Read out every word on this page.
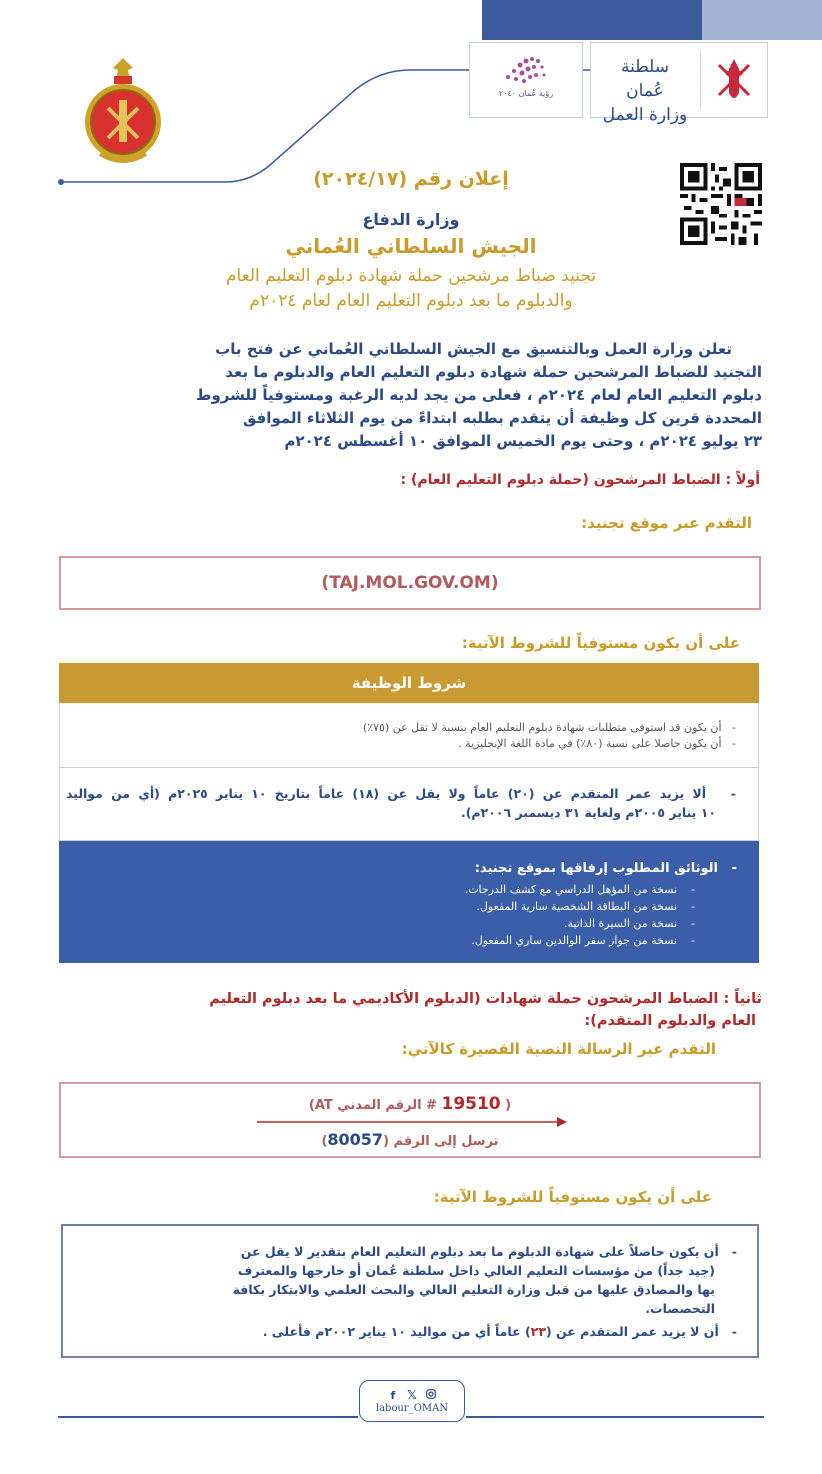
سلطنة عُمان
وزارة العمل
رؤية عُمان ٢٠٤٠
إعلان رقم (٢٠٢٤/١٧)
وزارة الدفاع
الجيش السلطاني العُماني
تجنيد ضباط مرشحين حملة شهادة دبلوم التعليم العام
والدبلوم ما بعد دبلوم التعليم العام لعام ٢٠٢٤م
تعلن وزارة العمل وبالتنسيق مع الجيش السلطاني العُماني عن فتح باب
التجنيد للضباط المرشحين حملة شهادة دبلوم التعليم العام والدبلوم ما بعد
دبلوم التعليم العام لعام ٢٠٢٤م ، فعلى من يجد لديه الرغبة ومستوفياً للشروط
المحددة قرين كل وظيفة أن يتقدم بطلبه ابتداءً من يوم الثلاثاء الموافق
٢٣ يوليو ٢٠٢٤م ، وحتى يوم الخميس الموافق ١٠ أغسطس ٢٠٢٤م
أولاً : الضباط المرشحون (حملة دبلوم التعليم العام) :
التقدم عبر موقع تجنيد:
(TAJ.MOL.GOV.OM)
على أن يكون مستوفياً للشروط الآتية:
شروط الوظيفة
-   أن يكون قد استوفى متطلبات شهادة دبلوم التعليم العام بنسبة لا تقل عن (٧٥٪)
-   أن يكون حاصلا على نسبة (٨٠٪) في مادة اللغة الإنجليزية .
-   ألا يزيد عمر المتقدم عن (٢٠) عاماً ولا يقل عن (١٨) عاماً بتاريخ ١٠ يناير ٢٠٢٥م (أي من مواليد
١٠ يناير ٢٠٠٥م ولغاية ٣١ ديسمبر ٢٠٠٦م).
-   الوثائق المطلوب إرفاقها بموقع تجنيد:
-    نسخة من المؤهل الدراسي مع كشف الدرجات.
-    نسخة من البطاقة الشخصية سارية المفعول.
-    نسخة من السيرة الذاتية.
-    نسخة من جواز سفر الوالدين ساري المفعول.
ثانياً : الضباط المرشحون حملة شهادات (الدبلوم الأكاديمي ما بعد دبلوم التعليم
العام والدبلوم المتقدم):
التقدم عبر الرسالة النصية القصيرة كالآتي:
( 19510 # الرقم المدني AT)
ترسل إلى الرقم (80057)
على أن يكون مستوفياً للشروط الآتية:
-   أن يكون حاصلاً على شهادة الدبلوم ما بعد دبلوم التعليم العام بتقدير لا يقل عن
(جيد جداً) من مؤسسات التعليم العالي داخل سلطنة عُمان أو خارجها والمعترف
بها والمصادق عليها من قبل وزارة التعليم العالي والبحث العلمي والابتكار بكافة
التخصصات.
-   أن لا يزيد عمر المتقدم عن (٢٣) عاماً أي من مواليد ١٠ يناير ٢٠٠٢م فأعلى .
f 𝕏
labour_OMAN
